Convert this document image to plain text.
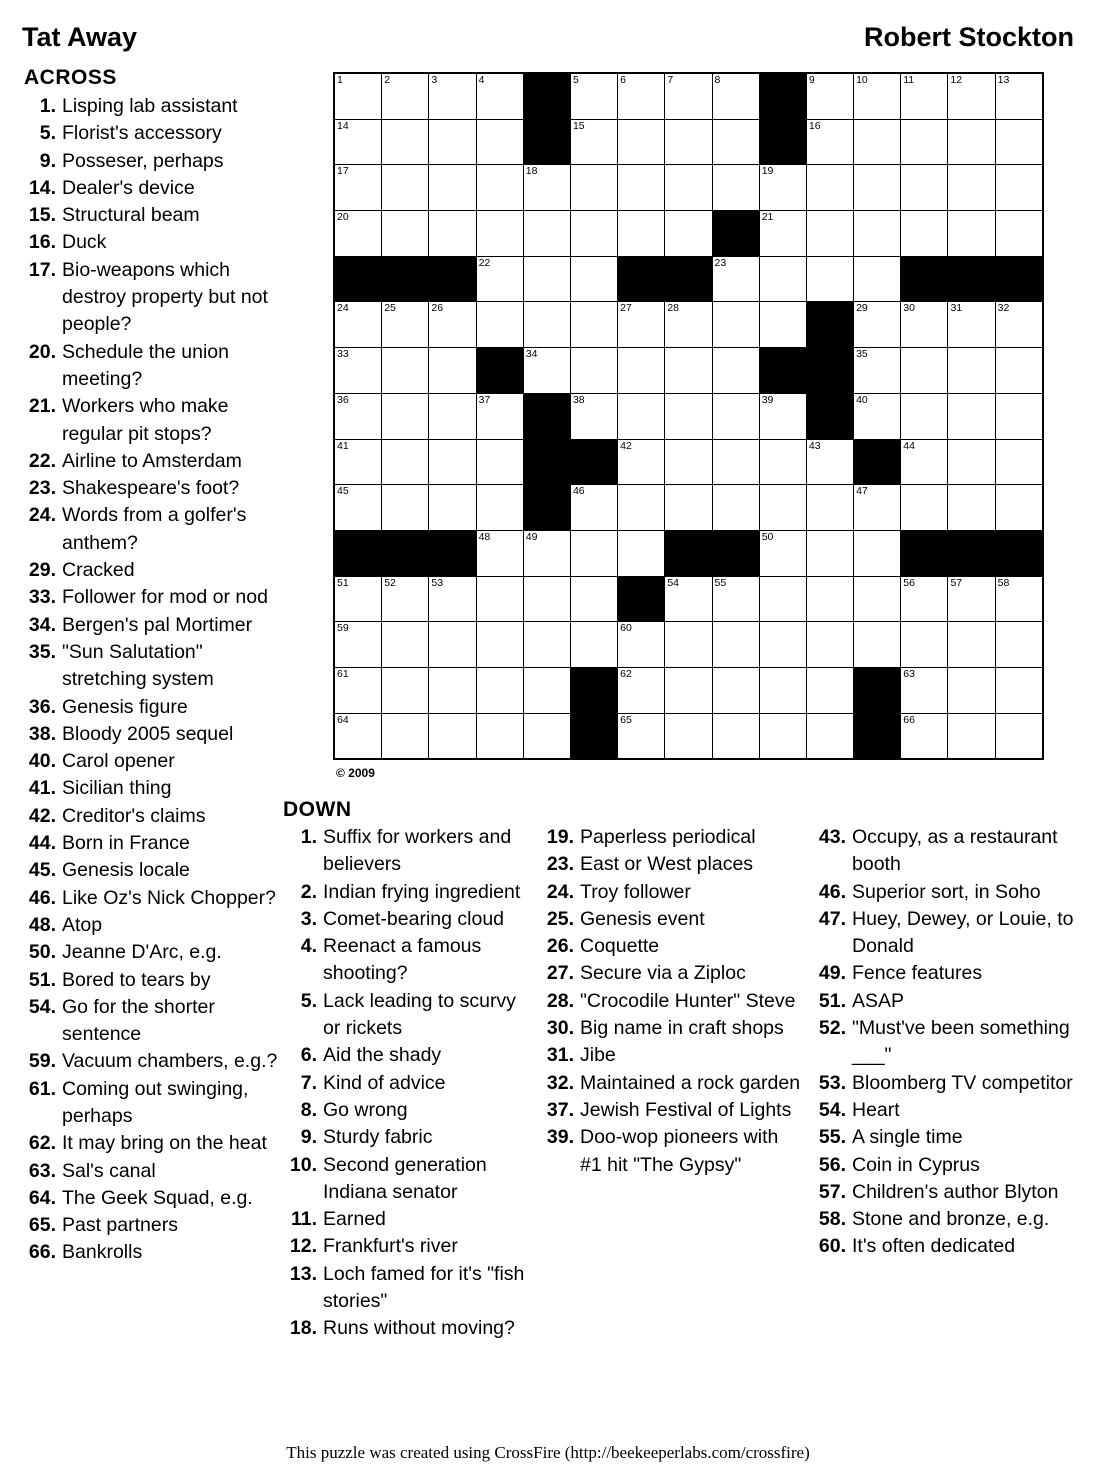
Tat Away	Robert Stockton
ACROSS
1. Lisping lab assistant
5. Florist's accessory
9. Posseser, perhaps
14. Dealer's device
15. Structural beam
16. Duck
17. Bio-weapons which destroy property but not people?
20. Schedule the union meeting?
21. Workers who make regular pit stops?
22. Airline to Amsterdam
23. Shakespeare's foot?
24. Words from a golfer's anthem?
29. Cracked
33. Follower for mod or nod
34. Bergen's pal Mortimer
35. "Sun Salutation" stretching system
36. Genesis figure
38. Bloody 2005 sequel
40. Carol opener
41. Sicilian thing
42. Creditor's claims
44. Born in France
45. Genesis locale
46. Like Oz's Nick Chopper?
48. Atop
50. Jeanne D'Arc, e.g.
51. Bored to tears by
54. Go for the shorter sentence
59. Vacuum chambers, e.g.?
61. Coming out swinging, perhaps
62. It may bring on the heat
63. Sal's canal
64. The Geek Squad, e.g.
65. Past partners
66. Bankrolls
1	2	3	4		5	6	7	8		9	10	11	12	13

14					15					16				

17				18					19					

20									21					

			22					23						

24	25	26				27	28				29	30	31	32

33				34							35			

36			37		38				39		40			

41						42				43		44		

45					46						47			

			48	49					50					

51	52	53					54	55				56	57	58

59						60								

61						62						63		

64						65						66		

© 2009
DOWN
1. Suffix for workers and believers
2. Indian frying ingredient
3. Comet-bearing cloud
4. Reenact a famous shooting?
5. Lack leading to scurvy or rickets
6. Aid the shady
7. Kind of advice
8. Go wrong
9. Sturdy fabric
10. Second generation Indiana senator
11. Earned
12. Frankfurt's river
13. Loch famed for it's "fish stories"
18. Runs without moving?
19. Paperless periodical
23. East or West places
24. Troy follower
25. Genesis event
26. Coquette
27. Secure via a Ziploc
28. "Crocodile Hunter" Steve
30. Big name in craft shops
31. Jibe
32. Maintained a rock garden
37. Jewish Festival of Lights
39. Doo-wop pioneers with #1 hit "The Gypsy"
43. Occupy, as a restaurant booth
46. Superior sort, in Soho
47. Huey, Dewey, or Louie, to Donald
49. Fence features
51. ASAP
52. "Must've been something ___"
53. Bloomberg TV competitor
54. Heart
55. A single time
56. Coin in Cyprus
57. Children's author Blyton
58. Stone and bronze, e.g.
60. It's often dedicated
This puzzle was created using CrossFire (http://beekeeperlabs.com/crossfire)
